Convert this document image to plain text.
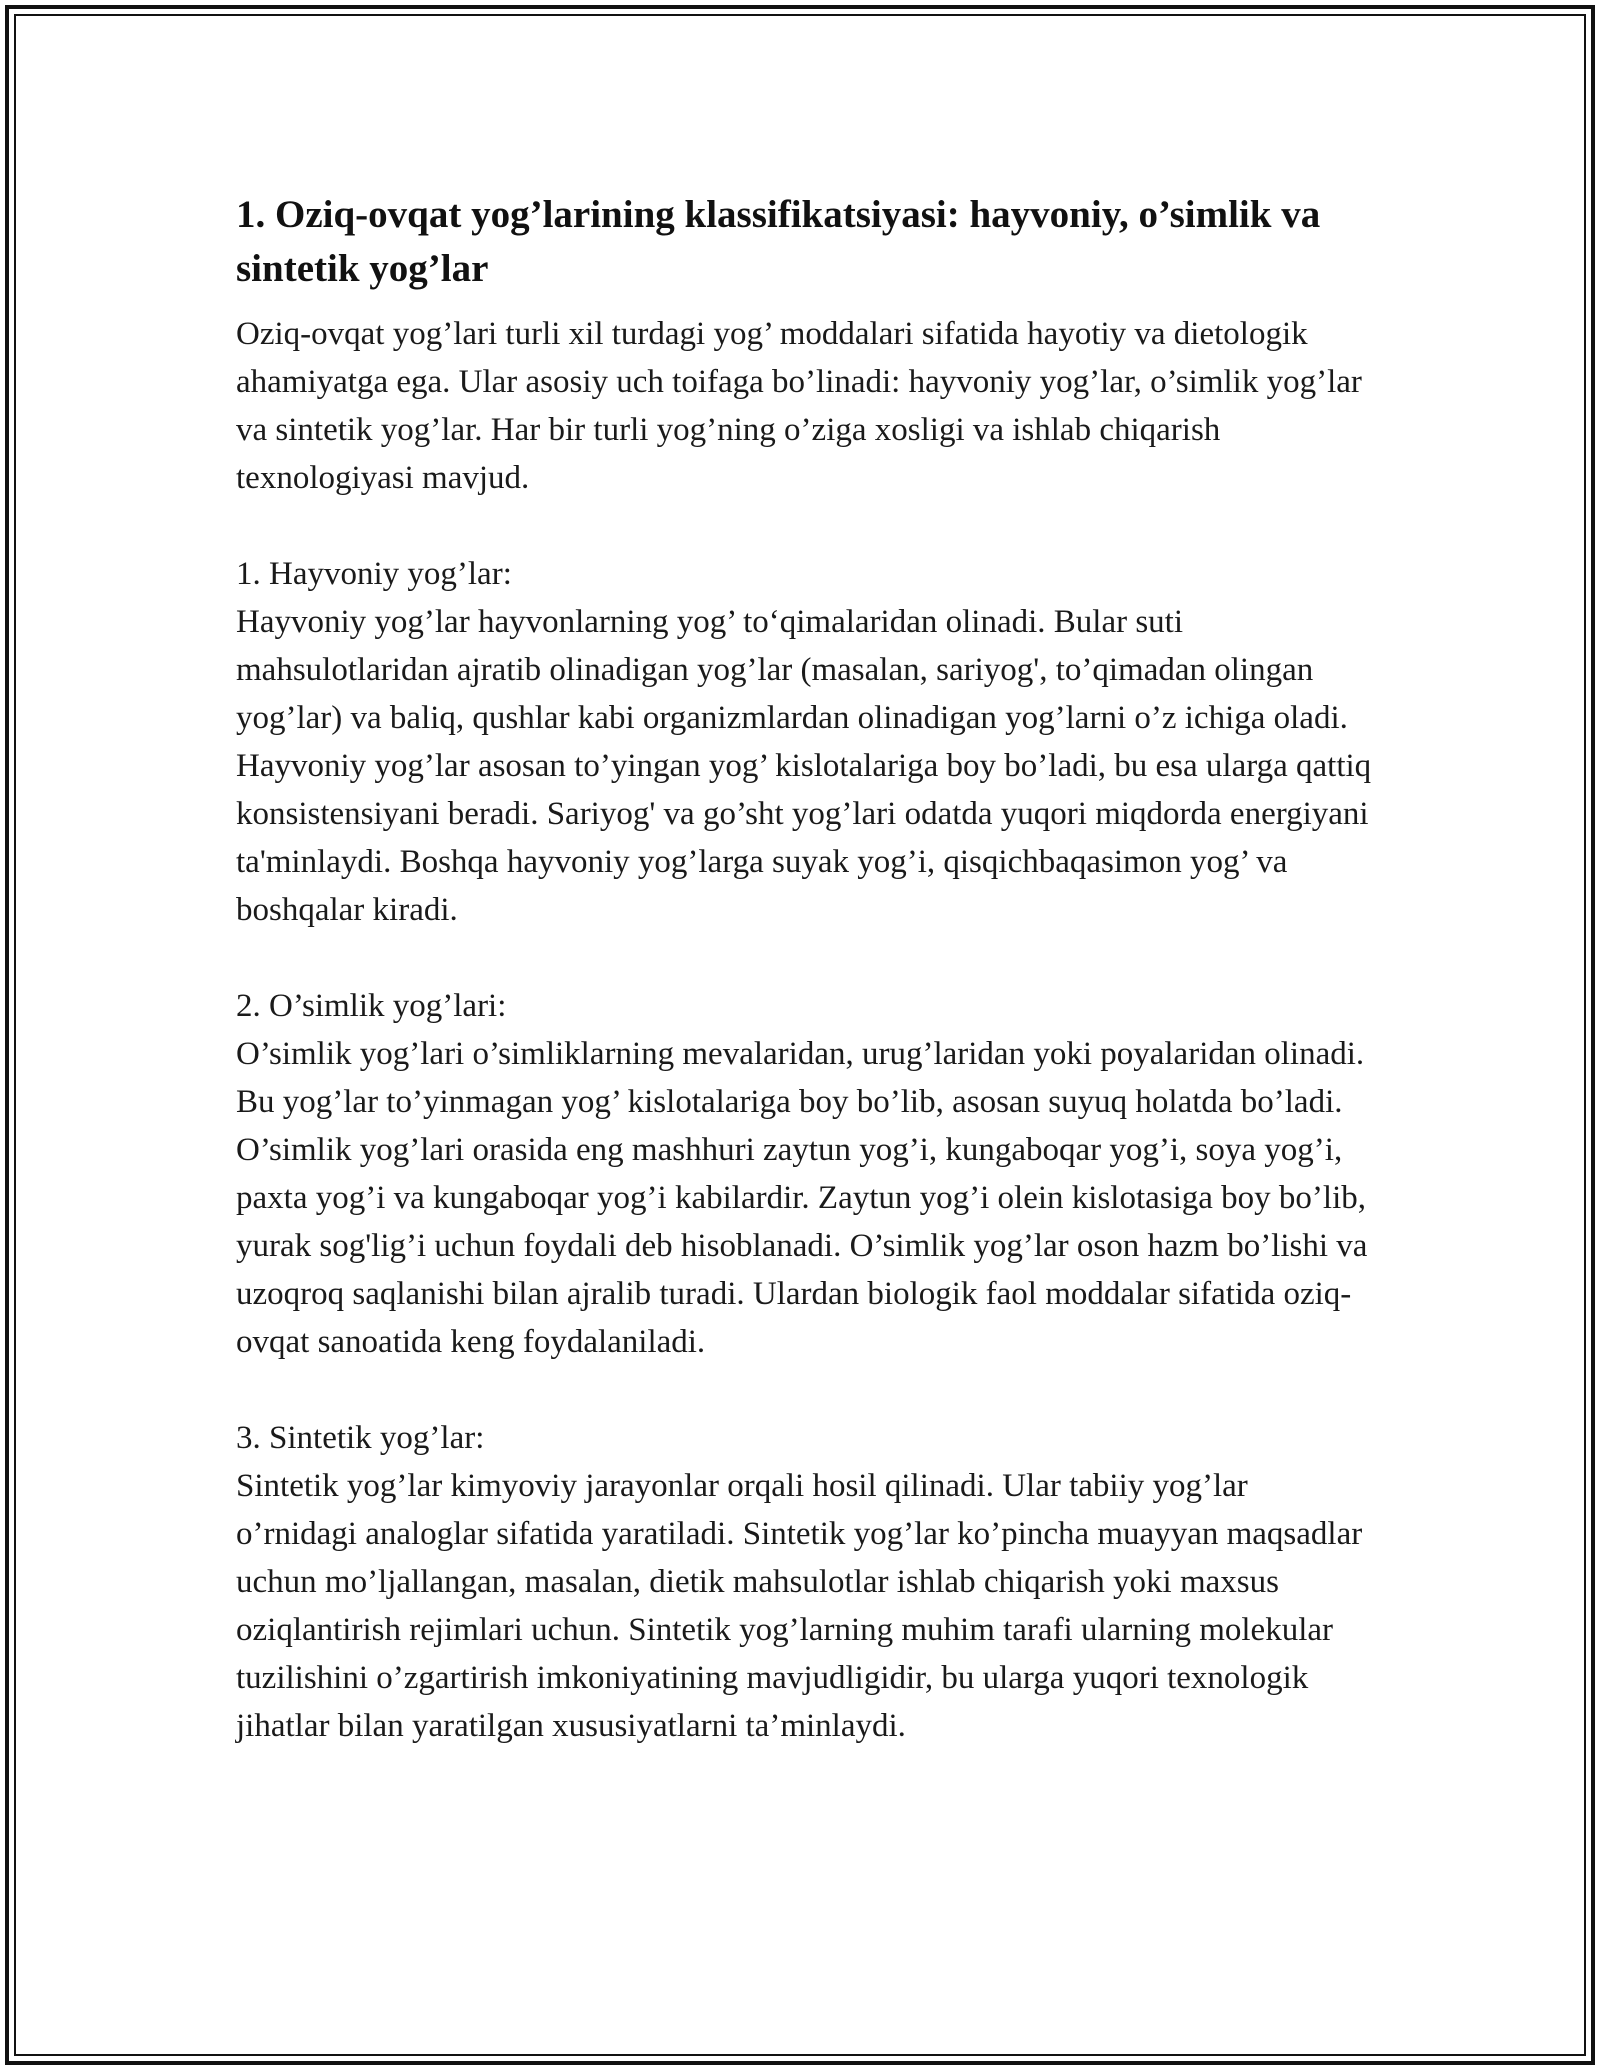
1. Oziq-ovqat yog’larining klassifikatsiyasi: hayvoniy, o’simlik va sintetik yog’lar

Oziq-ovqat yog’lari turli xil turdagi yog’ moddalari sifatida hayotiy va dietologik ahamiyatga ega. Ular asosiy uch toifaga bo’linadi: hayvoniy yog’lar, o’simlik yog’lar va sintetik yog’lar. Har bir turli yog’ning o’ziga xosligi va ishlab chiqarish texnologiyasi mavjud.

1. Hayvoniy yog’lar:

Hayvoniy yog’lar hayvonlarning yog’ to‘qimalaridan olinadi. Bular suti mahsulotlaridan ajratib olinadigan yog’lar (masalan, sariyog', to’qimadan olingan yog’lar) va baliq, qushlar kabi organizmlardan olinadigan yog’larni o’z ichiga oladi. Hayvoniy yog’lar asosan to’yingan yog’ kislotalariga boy bo’ladi, bu esa ularga qattiq konsistensiyani beradi. Sariyog' va go’sht yog’lari odatda yuqori miqdorda energiyani ta'minlaydi. Boshqa hayvoniy yog’larga suyak yog’i, qisqichbaqasimon yog’ va boshqalar kiradi.

2. O’simlik yog’lari:

O’simlik yog’lari o’simliklarning mevalaridan, urug’laridan yoki poyalaridan olinadi. Bu yog’lar to’yinmagan yog’ kislotalariga boy bo’lib, asosan suyuq holatda bo’ladi. O’simlik yog’lari orasida eng mashhuri zaytun yog’i, kungaboqar yog’i, soya yog’i, paxta yog’i va kungaboqar yog’i kabilardir. Zaytun yog’i olein kislotasiga boy bo’lib, yurak sog'lig’i uchun foydali deb hisoblanadi. O’simlik yog’lar oson hazm bo’lishi va uzoqroq saqlanishi bilan ajralib turadi. Ulardan biologik faol moddalar sifatida oziq-ovqat sanoatida keng foydalaniladi.

3. Sintetik yog’lar:

Sintetik yog’lar kimyoviy jarayonlar orqali hosil qilinadi. Ular tabiiy yog’lar o’rnidagi analoglar sifatida yaratiladi. Sintetik yog’lar ko’pincha muayyan maqsadlar uchun mo’ljallangan, masalan, dietik mahsulotlar ishlab chiqarish yoki maxsus oziqlantirish rejimlari uchun. Sintetik yog’larning muhim tarafi ularning molekular tuzilishini o’zgartirish imkoniyatining mavjudligidir, bu ularga yuqori texnologik jihatlar bilan yaratilgan xususiyatlarni ta’minlaydi.
